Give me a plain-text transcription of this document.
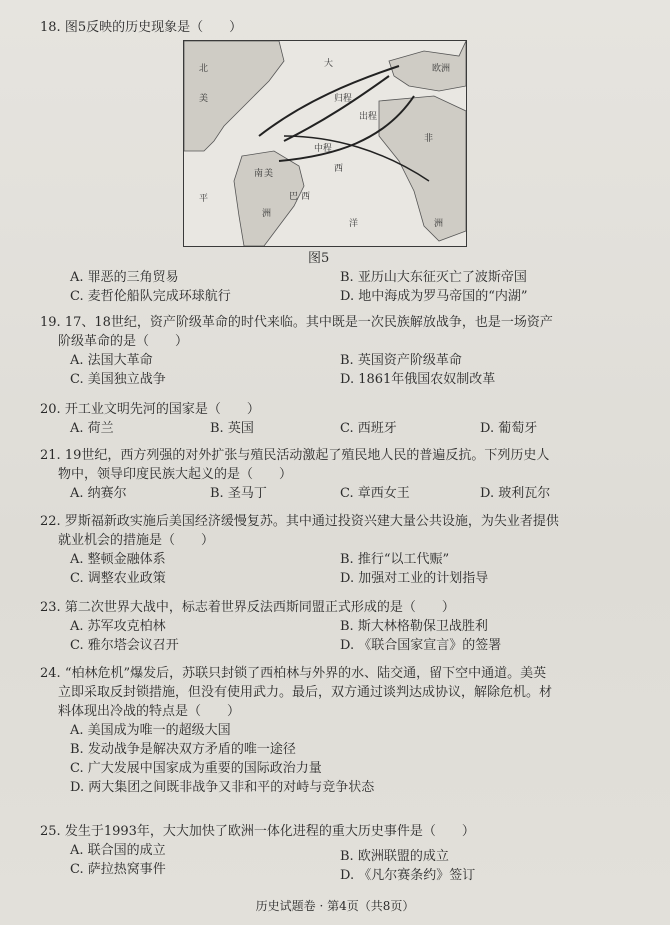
18. 图5反映的历史现象是（　　）
北
美
大	欧洲
归程
出程
中程
西
非
南 美
巴 西
洲
洋
平
洲
图5
A. 罪恶的三角贸易	B. 亚历山大东征灭亡了波斯帝国
C. 麦哲伦船队完成环球航行	D. 地中海成为罗马帝国的“内湖”
19. 17、18世纪，资产阶级革命的时代来临。其中既是一次民族解放战争，也是一场资产
阶级革命的是（　　）
A. 法国大革命	B. 英国资产阶级革命
C. 美国独立战争	D. 1861年俄国农奴制改革
20. 开工业文明先河的国家是（　　）
A. 荷兰	B. 英国	C. 西班牙	D. 葡萄牙
21. 19世纪，西方列强的对外扩张与殖民活动激起了殖民地人民的普遍反抗。下列历史人
物中，领导印度民族大起义的是（　　）
A. 纳赛尔	B. 圣马丁	C. 章西女王	D. 玻利瓦尔
22. 罗斯福新政实施后美国经济缓慢复苏。其中通过投资兴建大量公共设施，为失业者提供
就业机会的措施是（　　）
A. 整顿金融体系	B. 推行“以工代赈”
C. 调整农业政策	D. 加强对工业的计划指导
23. 第二次世界大战中，标志着世界反法西斯同盟正式形成的是（　　）
A. 苏军攻克柏林	B. 斯大林格勒保卫战胜利
C. 雅尔塔会议召开	D. 《联合国家宣言》的签署
24. “柏林危机”爆发后，苏联只封锁了西柏林与外界的水、陆交通，留下空中通道。美英
立即采取反封锁措施，但没有使用武力。最后，双方通过谈判达成协议，解除危机。材
料体现出冷战的特点是（　　）
A. 美国成为唯一的超级大国
B. 发动战争是解决双方矛盾的唯一途径
C. 广大发展中国家成为重要的国际政治力量
D. 两大集团之间既非战争又非和平的对峙与竞争状态
25. 发生于1993年，大大加快了欧洲一体化进程的重大历史事件是（　　）
A. 联合国的成立	B. 欧洲联盟的成立
C. 萨拉热窝事件	D. 《凡尔赛条约》签订
历史试题卷 · 第4页（共8页）
